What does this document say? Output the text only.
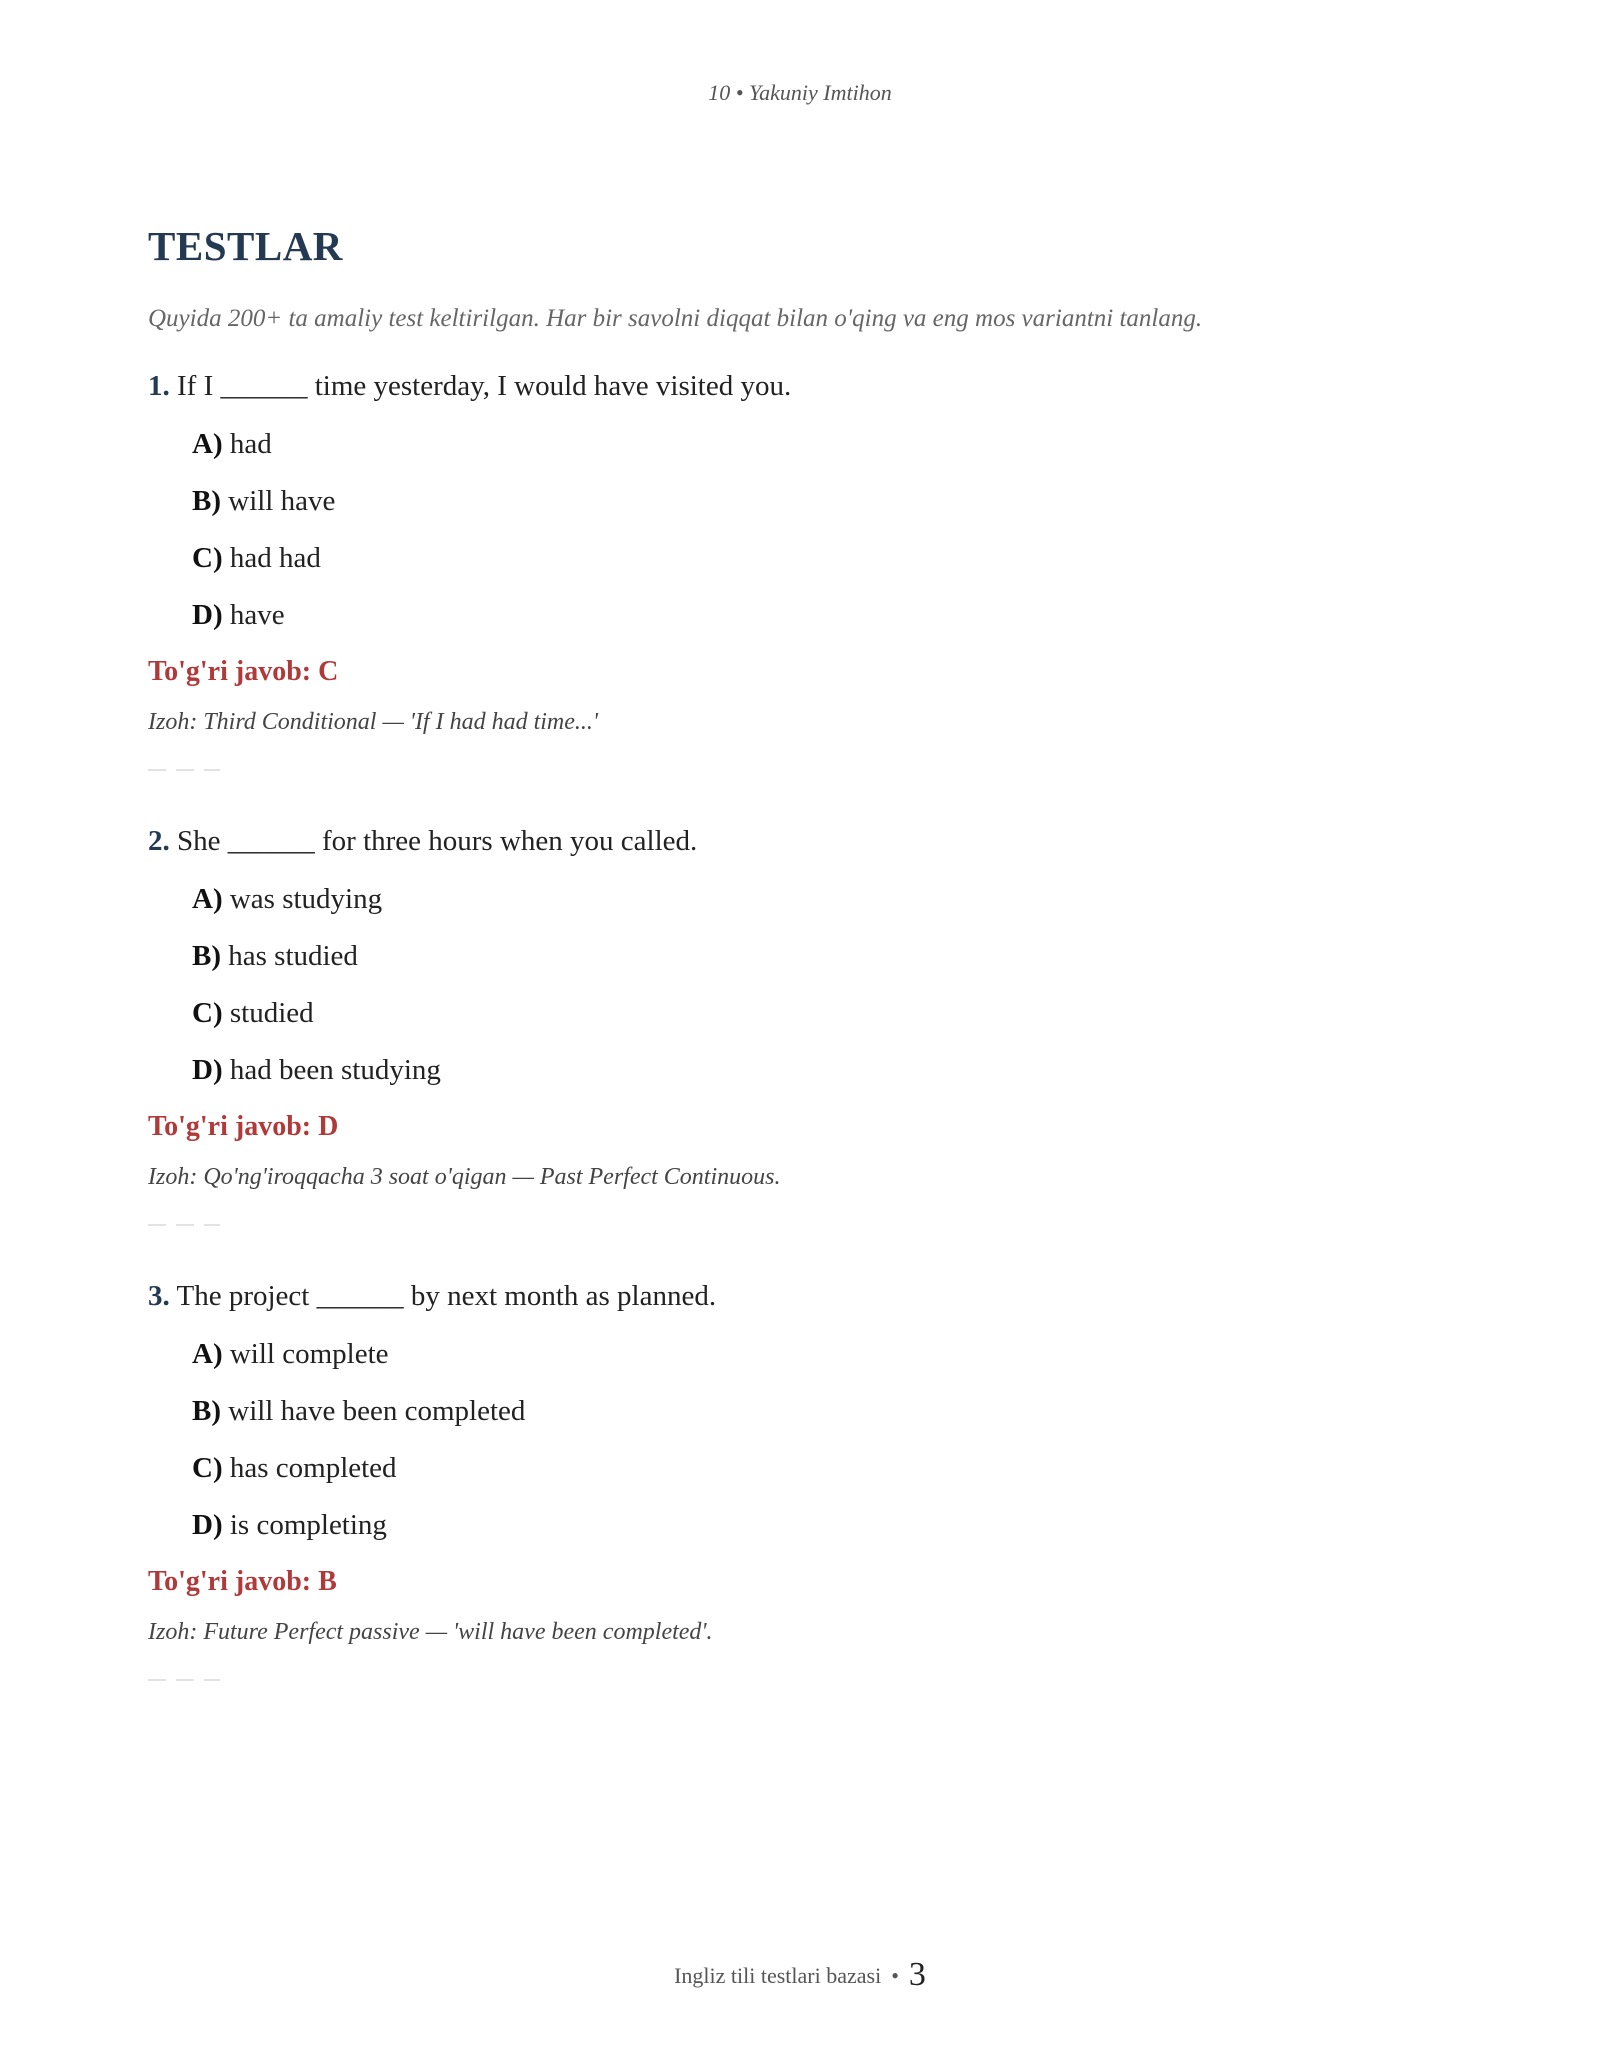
10 • Yakuniy Imtihon
TESTLAR
Quyida 200+ ta amaliy test keltirilgan. Har bir savolni diqqat bilan o'qing va eng mos variantni tanlang.
1. If I ______ time yesterday, I would have visited you.
A) had
B) will have
C) had had
D) have
To'g'ri javob: C
Izoh: Third Conditional — 'If I had had time...'
2. She ______ for three hours when you called.
A) was studying
B) has studied
C) studied
D) had been studying
To'g'ri javob: D
Izoh: Qo'ng'iroqqacha 3 soat o'qigan — Past Perfect Continuous.
3. The project ______ by next month as planned.
A) will complete
B) will have been completed
C) has completed
D) is completing
To'g'ri javob: B
Izoh: Future Perfect passive — 'will have been completed'.
Ingliz tili testlari bazasi • 3
